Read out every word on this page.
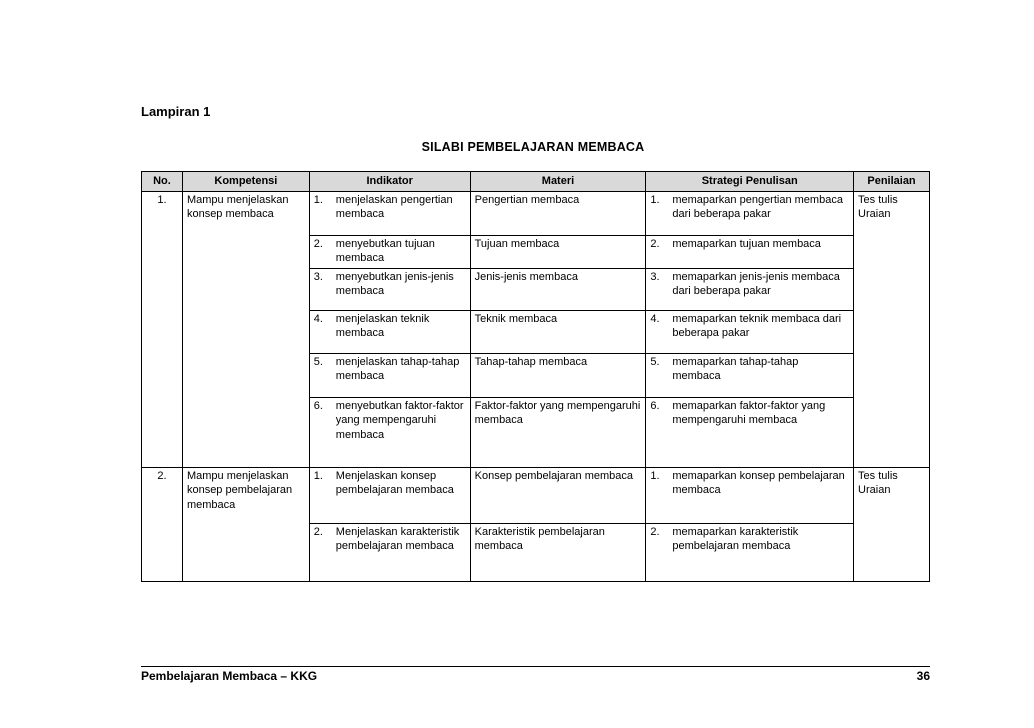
Lampiran 1
SILABI PEMBELAJARAN MEMBACA
No.	Kompetensi	Indikator	Materi	Strategi Penulisan	Penilaian
1.	Mampu menjelaskan konsep membaca	1. menjelaskan pengertian membaca	Pengertian membaca	1. memaparkan pengertian membaca dari beberapa pakar	Tes tulis Uraian

		2. menyebutkan tujuan membaca	Tujuan membaca	2. memaparkan tujuan membaca	

		3. menyebutkan jenis-jenis membaca	Jenis-jenis membaca	3. memaparkan jenis-jenis membaca dari beberapa pakar	

		4. menjelaskan teknik membaca	Teknik membaca	4. memaparkan teknik membaca dari beberapa pakar	

		5. menjelaskan tahap-tahap membaca	Tahap-tahap membaca	5. memaparkan tahap-tahap membaca	

		6. menyebutkan faktor-faktor yang mempengaruhi membaca	Faktor-faktor yang mempengaruhi membaca	6. memaparkan faktor-faktor yang mempengaruhi membaca	

2.	Mampu menjelaskan konsep pembelajaran membaca	1. Menjelaskan konsep pembelajaran membaca	Konsep pembelajaran membaca	1. memaparkan konsep pembelajaran membaca	Tes tulis Uraian

		2. Menjelaskan karakteristik pembelajaran membaca	Karakteristik pembelajaran membaca	2. memaparkan karakteristik pembelajaran membaca	
Pembelajaran Membaca – KKG	36
